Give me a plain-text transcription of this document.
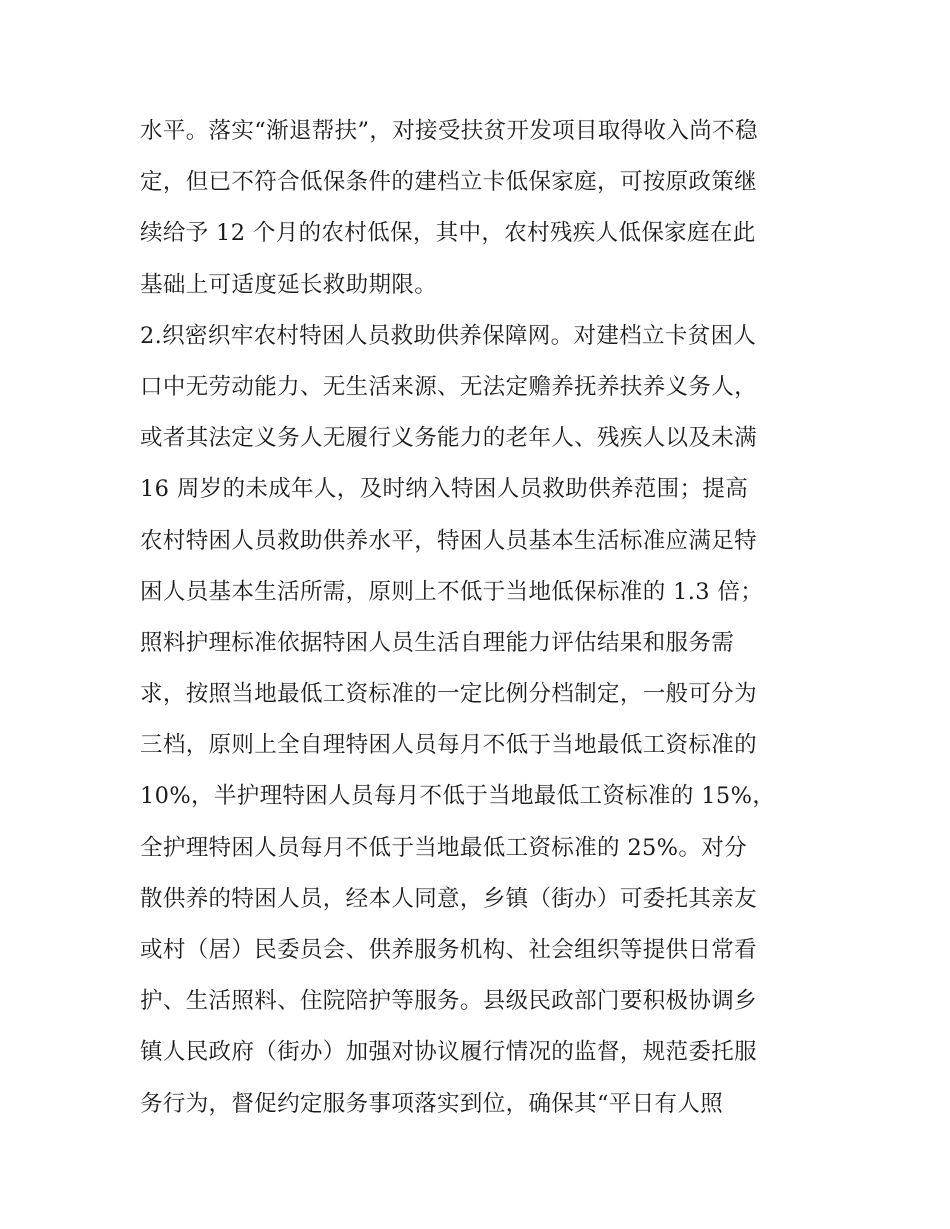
水平。落实“渐退帮扶”，对接受扶贫开发项目取得收入尚不稳
定，但已不符合低保条件的建档立卡低保家庭，可按原政策继
续给予 12 个月的农村低保，其中，农村残疾人低保家庭在此
基础上可适度延长救助期限。
2.织密织牢农村特困人员救助供养保障网。对建档立卡贫困人
口中无劳动能力、无生活来源、无法定赡养抚养扶养义务人，
或者其法定义务人无履行义务能力的老年人、残疾人以及未满
16 周岁的未成年人，及时纳入特困人员救助供养范围；提高
农村特困人员救助供养水平，特困人员基本生活标准应满足特
困人员基本生活所需，原则上不低于当地低保标准的 1.3 倍；
照料护理标准依据特困人员生活自理能力评估结果和服务需
求，按照当地最低工资标准的一定比例分档制定，一般可分为
三档，原则上全自理特困人员每月不低于当地最低工资标准的
10%，半护理特困人员每月不低于当地最低工资标准的 15%，
全护理特困人员每月不低于当地最低工资标准的 25%。对分
散供养的特困人员，经本人同意，乡镇（街办）可委托其亲友
或村（居）民委员会、供养服务机构、社会组织等提供日常看
护、生活照料、住院陪护等服务。县级民政部门要积极协调乡
镇人民政府（街办）加强对协议履行情况的监督，规范委托服
务行为，督促约定服务事项落实到位，确保其“平日有人照
